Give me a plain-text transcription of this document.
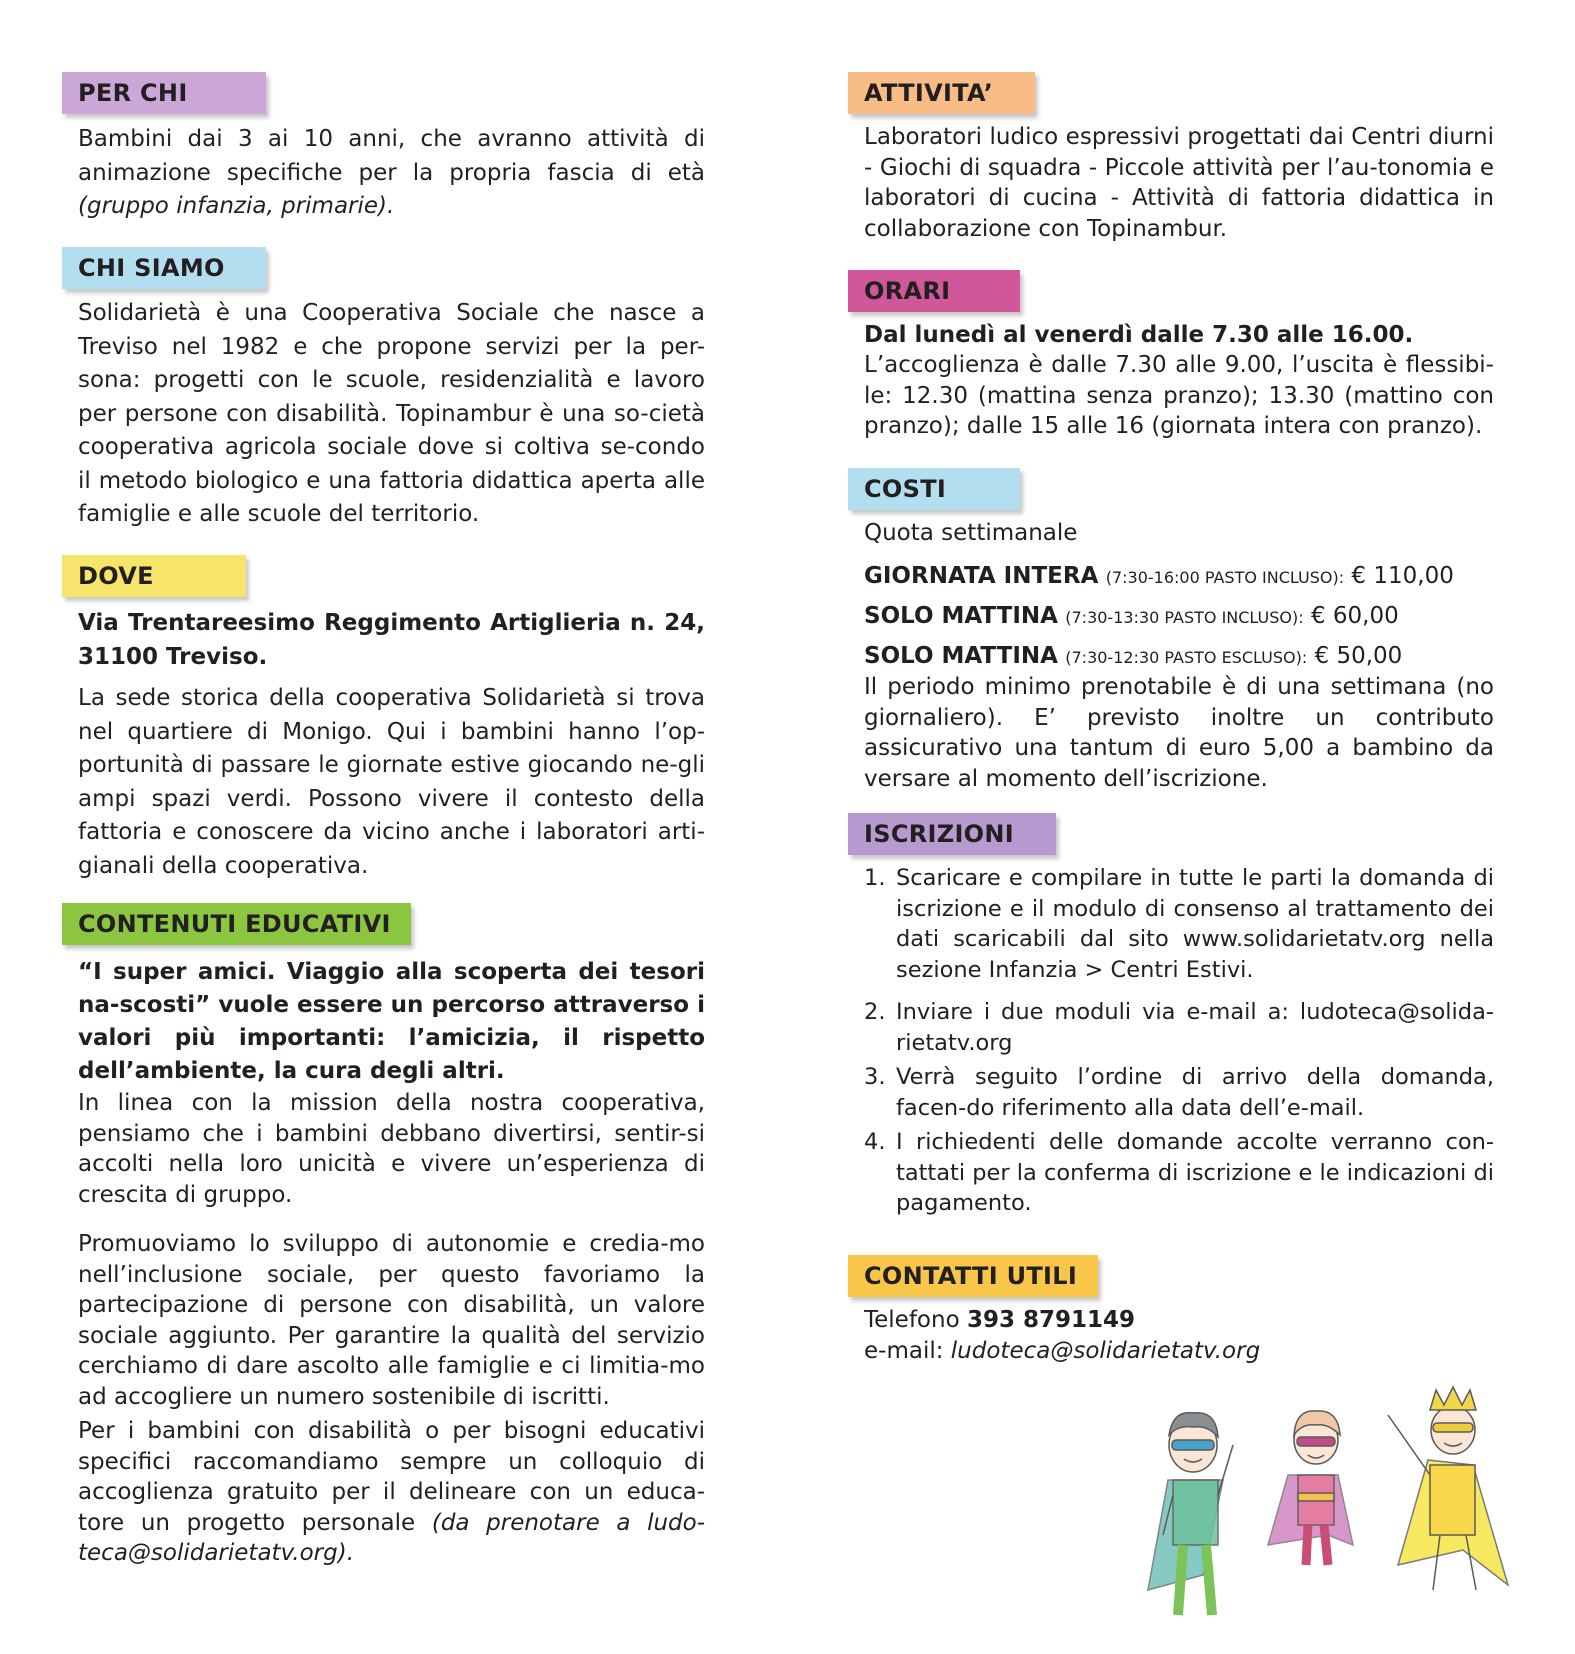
PER CHI
Bambini dai 3 ai 10 anni, che avranno attività di animazione specifiche per la propria fascia di età (gruppo infanzia, primarie).
CHI SIAMO
Solidarietà è una Cooperativa Sociale che nasce a Treviso nel 1982 e che propone servizi per la per-sona: progetti con le scuole, residenzialità e lavoro per persone con disabilità. Topinambur è una so-cietà cooperativa agricola sociale dove si coltiva se-condo il metodo biologico e una fattoria didattica aperta alle famiglie e alle scuole del territorio.
DOVE
Via Trentareesimo Reggimento Artiglieria n. 24, 31100 Treviso.
La sede storica della cooperativa Solidarietà si trova nel quartiere di Monigo. Qui i bambini hanno l’op-portunità di passare le giornate estive giocando ne-gli ampi spazi verdi. Possono vivere il contesto della fattoria e conoscere da vicino anche i laboratori arti-gianali della cooperativa.
CONTENUTI EDUCATIVI
“I super amici. Viaggio alla scoperta dei tesori na-scosti” vuole essere un percorso attraverso i valori più importanti: l’amicizia, il rispetto dell’ambiente, la cura degli altri.
In linea con la mission della nostra cooperativa, pensiamo che i bambini debbano divertirsi, sentir-si accolti nella loro unicità e vivere un’esperienza di crescita di gruppo.
Promuoviamo lo sviluppo di autonomie e credia-mo nell’inclusione sociale, per questo favoriamo la partecipazione di persone con disabilità, un valore sociale aggiunto. Per garantire la qualità del servizio cerchiamo di dare ascolto alle famiglie e ci limitia-mo ad accogliere un numero sostenibile di iscritti.
Per i bambini con disabilità o per bisogni educativi specifici raccomandiamo sempre un colloquio di accoglienza gratuito per il delineare con un educa-tore un progetto personale (da prenotare a ludo-teca@solidarietatv.org).
ATTIVITA’
Laboratori ludico espressivi progettati dai Centri diurni - Giochi di squadra - Piccole attività per l’au-tonomia e laboratori di cucina - Attività di fattoria didattica in collaborazione con Topinambur.
ORARI
Dal lunedì al venerdì dalle 7.30 alle 16.00.
L’accoglienza è dalle 7.30 alle 9.00, l’uscita è flessibi-le: 12.30 (mattina senza pranzo); 13.30 (mattino con pranzo); dalle 15 alle 16 (giornata intera con pranzo).
COSTI
Quota settimanale
GIORNATA INTERA (7:30-16:00 PASTO INCLUSO): € 110,00
SOLO MATTINA (7:30-13:30 PASTO INCLUSO): € 60,00
SOLO MATTINA (7:30-12:30 PASTO ESCLUSO): € 50,00
Il periodo minimo prenotabile è di una settimana (no giornaliero). E’ previsto inoltre un contributo assicurativo una tantum di euro 5,00 a bambino da versare al momento dell’iscrizione.
ISCRIZIONI
1. Scaricare e compilare in tutte le parti la domanda di iscrizione e il modulo di consenso al trattamento dei dati scaricabili dal sito www.solidarietatv.org nella sezione Infanzia > Centri Estivi.
2. Inviare i due moduli via e-mail a: ludoteca@solida-rietatv.org
3. Verrà seguito l’ordine di arrivo della domanda, facen-do riferimento alla data dell’e-mail.
4. I richiedenti delle domande accolte verranno con-tattati per la conferma di iscrizione e le indicazioni di pagamento.
CONTATTI UTILI
Telefono 393 8791149
e-mail: ludoteca@solidarietatv.org
